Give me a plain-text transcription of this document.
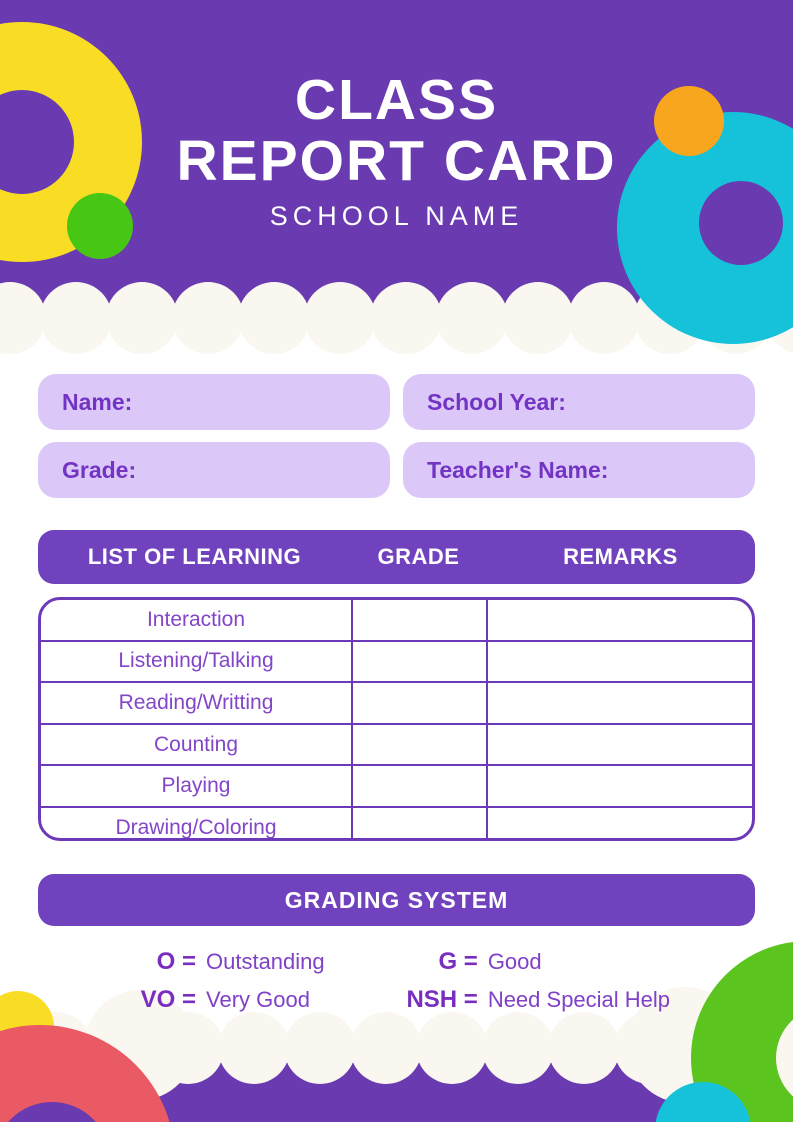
CLASS
REPORT CARD
SCHOOL NAME
Name:	School Year:
Grade:	Teacher's Name:
LIST OF LEARNING	GRADE	REMARKS
Interaction
Listening/Talking
Reading/Writting
Counting
Playing
Drawing/Coloring
GRADING SYSTEM
O = Outstanding	G = Good
VO = Very Good	NSH = Need Special Help
